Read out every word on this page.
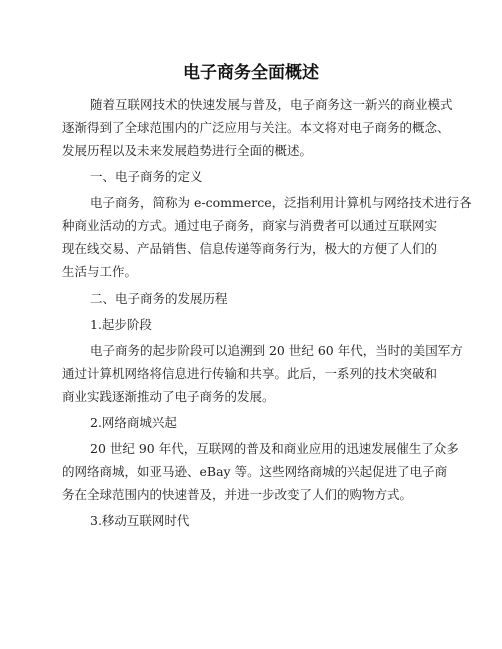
电子商务全面概述
随着互联网技术的快速发展与普及，电子商务这一新兴的商业模式
逐渐得到了全球范围内的广泛应用与关注。本文将对电子商务的概念、
发展历程以及未来发展趋势进行全面的概述。
一、电子商务的定义
电子商务，简称为 e-commerce，泛指利用计算机与网络技术进行各
种商业活动的方式。通过电子商务，商家与消费者可以通过互联网实
现在线交易、产品销售、信息传递等商务行为，极大的方便了人们的
生活与工作。
二、电子商务的发展历程
1.起步阶段
电子商务的起步阶段可以追溯到 20 世纪 60 年代，当时的美国军方
通过计算机网络将信息进行传输和共享。此后，一系列的技术突破和
商业实践逐渐推动了电子商务的发展。
2.网络商城兴起
20 世纪 90 年代，互联网的普及和商业应用的迅速发展催生了众多
的网络商城，如亚马逊、eBay 等。这些网络商城的兴起促进了电子商
务在全球范围内的快速普及，并进一步改变了人们的购物方式。
3.移动互联网时代
